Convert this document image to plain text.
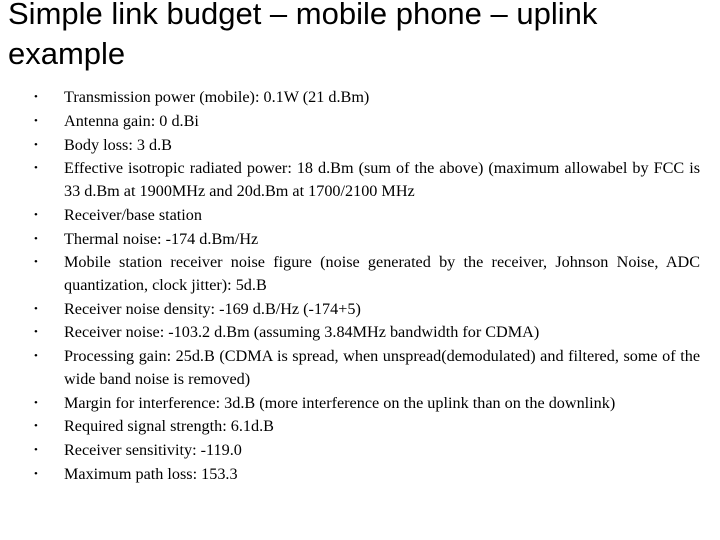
Simple link budget – mobile phone – uplink example
• Transmission power (mobile): 0.1W (21 d.Bm)
• Antenna gain: 0 d.Bi
• Body loss: 3 d.B
• Effective isotropic radiated power: 18 d.Bm (sum of the above) (maximum allowabel by FCC is 33 d.Bm at 1900MHz and 20d.Bm at 1700/2100 MHz
• Receiver/base station
• Thermal noise: -174 d.Bm/Hz
• Mobile station receiver noise figure (noise generated by the receiver, Johnson Noise, ADC quantization, clock jitter): 5d.B
• Receiver noise density: -169 d.B/Hz (-174+5)
• Receiver noise: -103.2 d.Bm (assuming 3.84MHz bandwidth for CDMA)
• Processing gain: 25d.B (CDMA is spread, when unspread(demodulated) and filtered, some of the wide band noise is removed)
• Margin for interference: 3d.B (more interference on the uplink than on the downlink)
• Required signal strength: 6.1d.B
• Receiver sensitivity: -119.0
• Maximum path loss: 153.3
